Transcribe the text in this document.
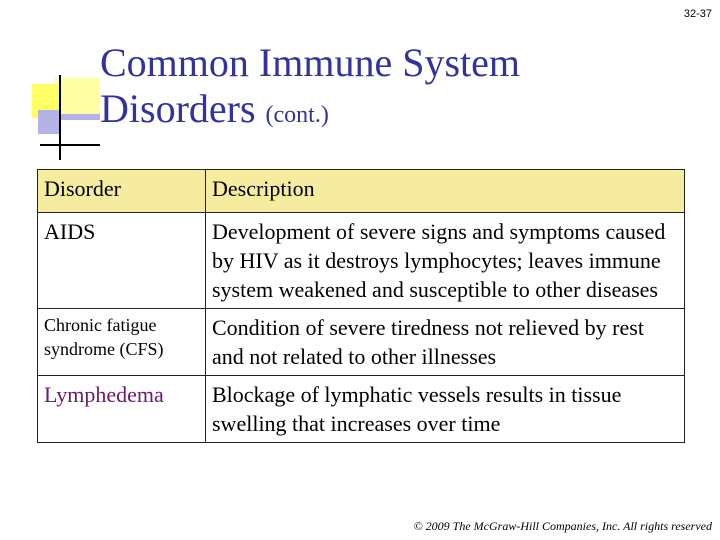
32-37
Common Immune System
Disorders (cont.)
Disorder	Description
AIDS	Development of severe signs and symptoms caused by HIV as it destroys lymphocytes; leaves immune system weakened and susceptible to other diseases
Chronic fatigue syndrome (CFS)	Condition of severe tiredness not relieved by rest and not related to other illnesses
Lymphedema	Blockage of lymphatic vessels results in tissue swelling that increases over time
© 2009 The McGraw-Hill Companies, Inc. All rights reserved
